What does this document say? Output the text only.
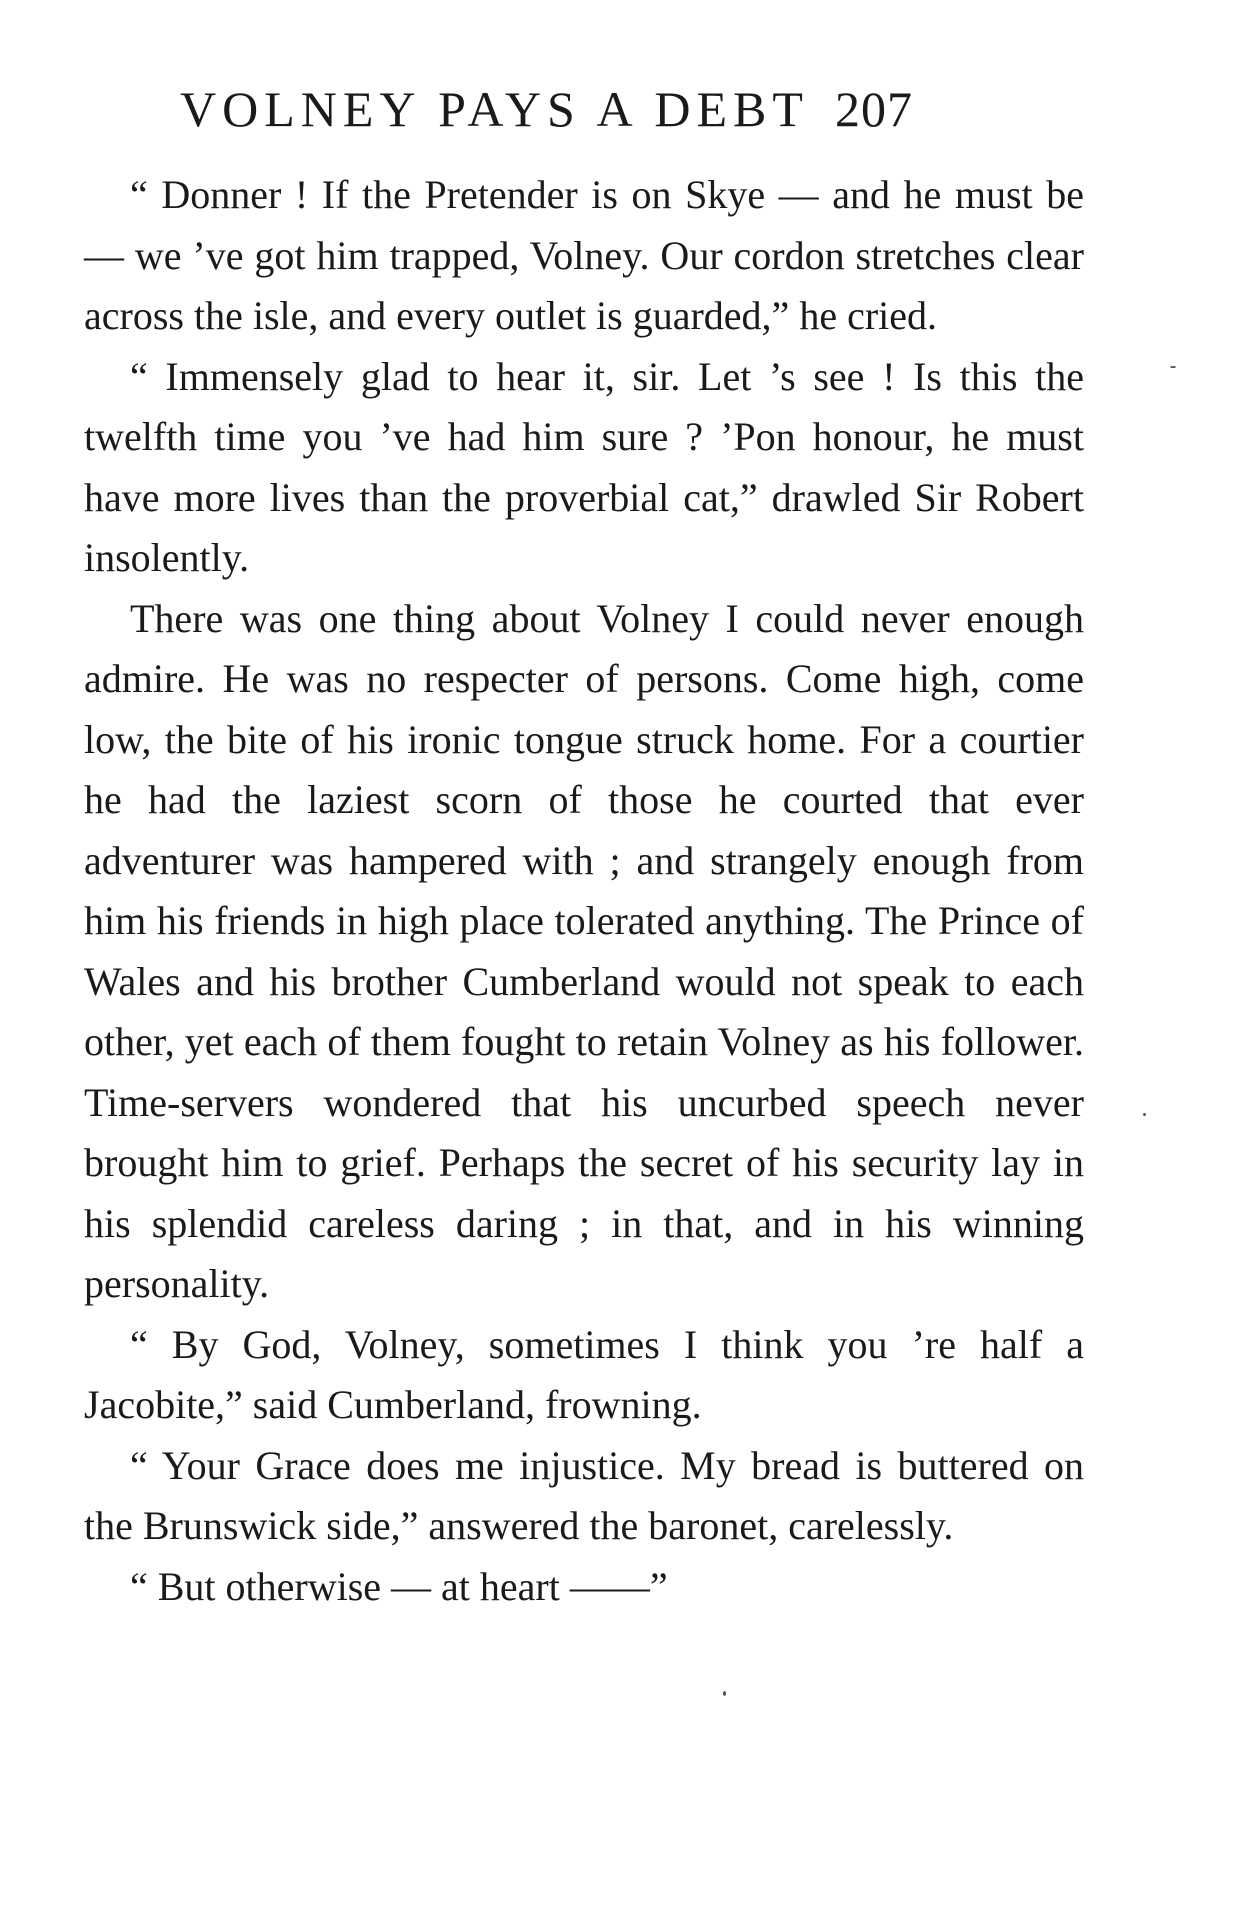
VOLNEY PAYS A DEBT 207

“ Donner ! If the Pretender is on Skye — and he must be — we ’ve got him trapped, Volney. Our cordon stretches clear across the isle, and every outlet is guarded,” he cried.

“ Immensely glad to hear it, sir. Let ’s see ! Is this the twelfth time you ’ve had him sure ? ’Pon honour, he must have more lives than the proverbial cat,” drawled Sir Robert insolently.

There was one thing about Volney I could never enough admire. He was no respecter of persons. Come high, come low, the bite of his ironic tongue struck home. For a courtier he had the laziest scorn of those he courted that ever adventurer was hampered with ; and strangely enough from him his friends in high place tolerated anything. The Prince of Wales and his brother Cumberland would not speak to each other, yet each of them fought to retain Volney as his follower. Time-servers wondered that his uncurbed speech never brought him to grief. Perhaps the secret of his security lay in his splendid careless daring ; in that, and in his winning personality.

“ By God, Volney, sometimes I think you ’re half a Jacobite,” said Cumberland, frowning.

“ Your Grace does me injustice. My bread is buttered on the Brunswick side,” answered the baronet, carelessly.

“ But otherwise — at heart ——”
